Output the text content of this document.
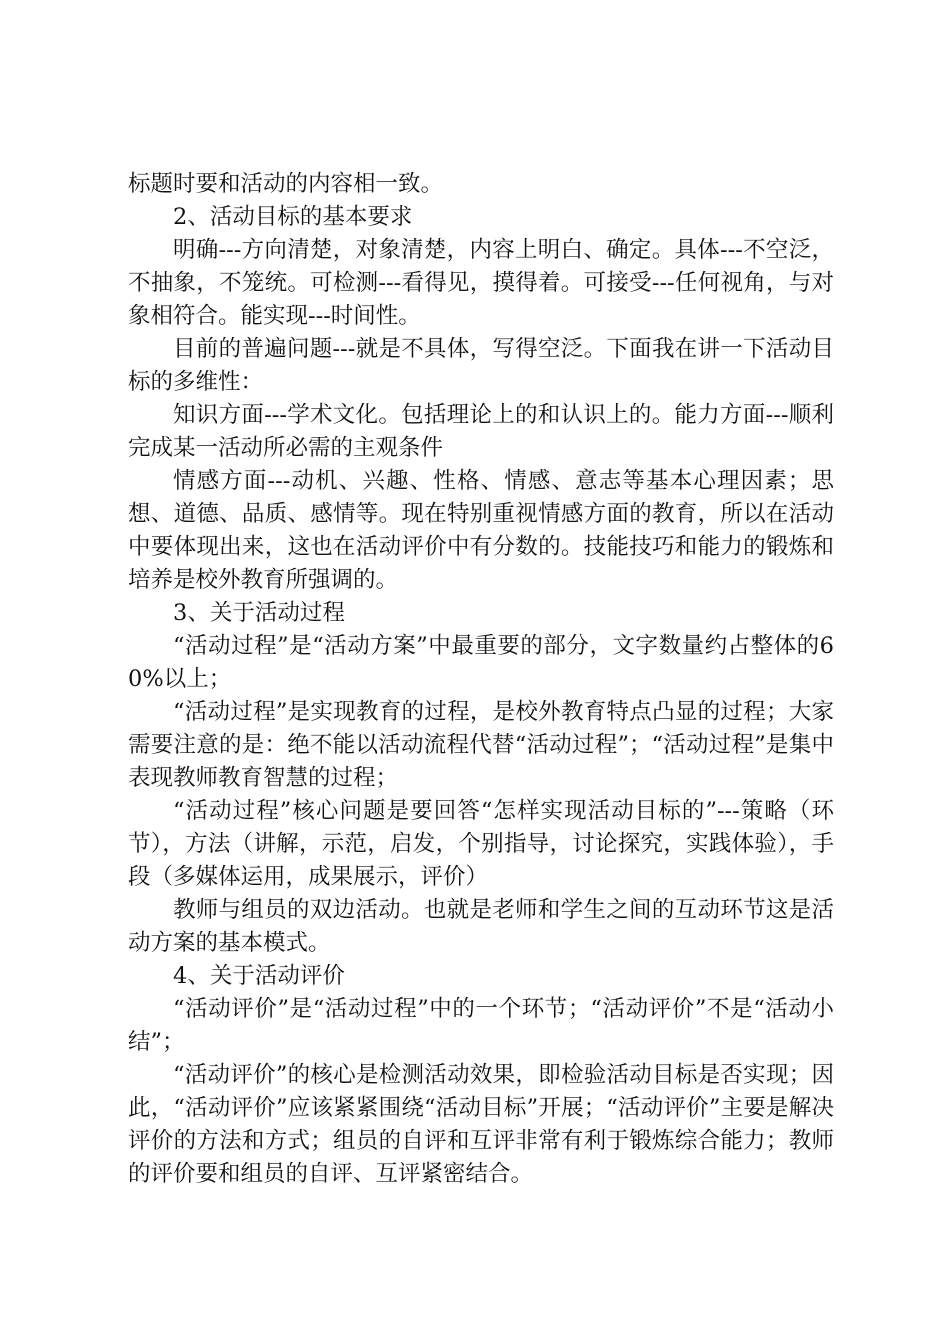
标题时要和活动的内容相一致。

2、活动目标的基本要求

明确---方向清楚，对象清楚，内容上明白、确定。具体---不空泛，不抽象，不笼统。可检测---看得见，摸得着。可接受---任何视角，与对象相符合。能实现---时间性。

目前的普遍问题---就是不具体，写得空泛。下面我在讲一下活动目标的多维性：

知识方面---学术文化。包括理论上的和认识上的。能力方面---顺利完成某一活动所必需的主观条件

情感方面---动机、兴趣、性格、情感、意志等基本心理因素；思想、道德、品质、感情等。现在特别重视情感方面的教育，所以在活动中要体现出来，这也在活动评价中有分数的。技能技巧和能力的锻炼和培养是校外教育所强调的。

3、关于活动过程

“活动过程”是“活动方案”中最重要的部分，文字数量约占整体的60%以上；

“活动过程”是实现教育的过程，是校外教育特点凸显的过程；大家需要注意的是：绝不能以活动流程代替“活动过程”；“活动过程”是集中表现教师教育智慧的过程；

“活动过程”核心问题是要回答“怎样实现活动目标的”---策略（环节），方法（讲解，示范，启发，个别指导，讨论探究，实践体验），手段（多媒体运用，成果展示，评价）

教师与组员的双边活动。也就是老师和学生之间的互动环节这是活动方案的基本模式。

4、关于活动评价

“活动评价”是“活动过程”中的一个环节；“活动评价”不是“活动小结”；

“活动评价”的核心是检测活动效果，即检验活动目标是否实现；因此，“活动评价”应该紧紧围绕“活动目标”开展；“活动评价”主要是解决评价的方法和方式；组员的自评和互评非常有利于锻炼综合能力；教师的评价要和组员的自评、互评紧密结合。
